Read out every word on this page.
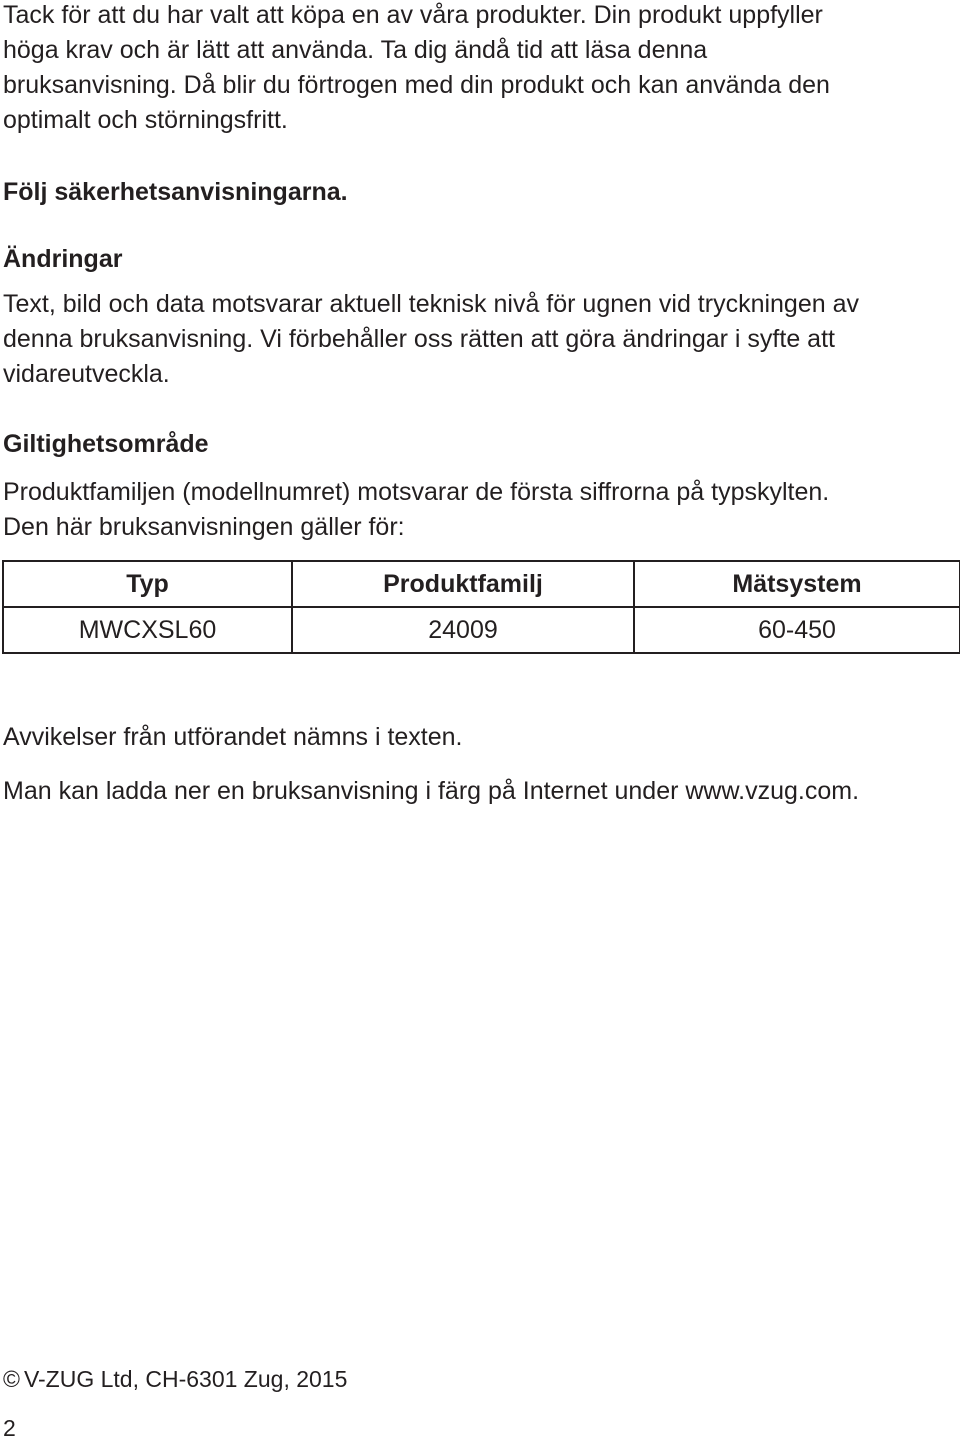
Tack för att du har valt att köpa en av våra produkter. Din produkt uppfyller

höga krav och är lätt att använda. Ta dig ändå tid att läsa denna

bruksanvisning. Då blir du förtrogen med din produkt och kan använda den

optimalt och störningsfritt.

Följ säkerhetsanvisningarna.

Ändringar

Text, bild och data motsvarar aktuell teknisk nivå för ugnen vid tryckningen av

denna bruksanvisning. Vi förbehåller oss rätten att göra ändringar i syfte att

vidareutveckla.

Giltighetsområde

Produktfamiljen (modellnumret) motsvarar de första siffrorna på typskylten.

Den här bruksanvisningen gäller för:

Typ	Produktfamilj	Mätsystem
MWCXSL60	24009	60-450

Avvikelser från utförandet nämns i texten.

Man kan ladda ner en bruksanvisning i färg på Internet under www.vzug.com.

© V-ZUG Ltd, CH-6301 Zug, 2015
2
